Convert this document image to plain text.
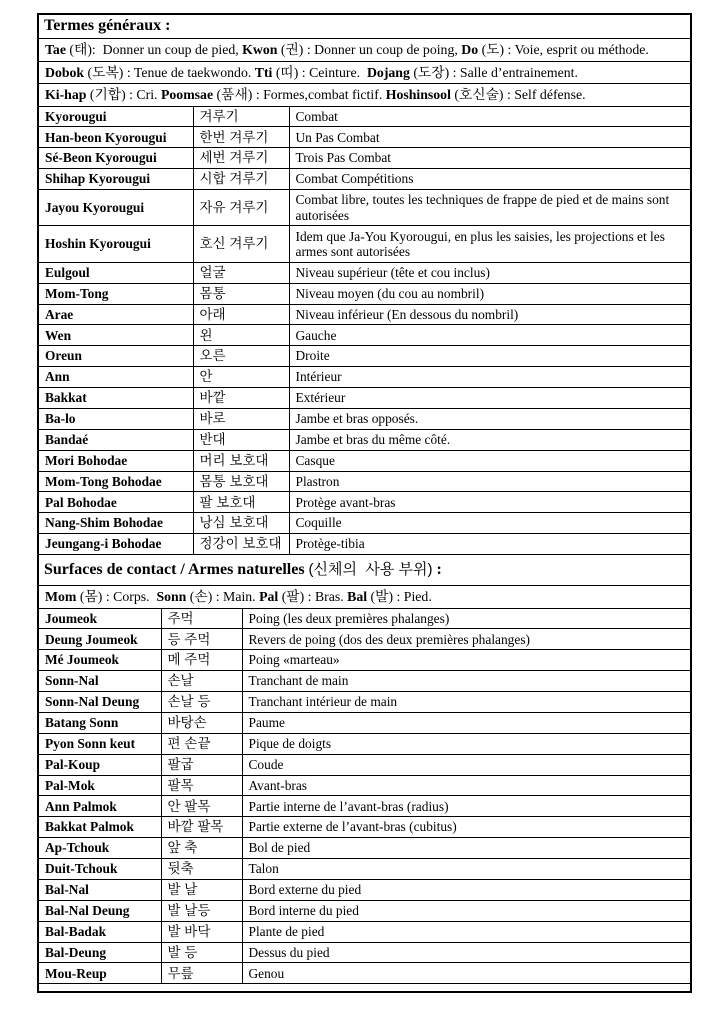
Termes généraux :
Tae (태):  Donner un coup de pied, Kwon (권) : Donner un coup de poing, Do (도) : Voie, esprit ou méthode.
Dobok (도복) : Tenue de taekwondo. Tti (띠) : Ceinture.  Dojang (도장) : Salle d’entrainement.
Ki-hap (기합) : Cri. Poomsae (품새) : Formes,combat fictif. Hoshinsool (호신술) : Self défense.
Kyorougui	겨루기	Combat
Han-beon Kyorougui	한번 겨루기	Un Pas Combat
Sé-Beon Kyorougui	세번 겨루기	Trois Pas Combat
Shihap Kyorougui	시합 겨루기	Combat Compétitions
Jayou Kyorougui	자유 겨루기	Combat libre, toutes les techniques de frappe de pied et de mains sont autorisées
Hoshin Kyorougui	호신 겨루기	Idem que Ja-You Kyorougui, en plus les saisies, les projections et les armes sont autorisées
Eulgoul	얼굴	Niveau supérieur (tête et cou inclus)
Mom-Tong	몸통	Niveau moyen (du cou au nombril)
Arae	아래	Niveau inférieur (En dessous du nombril)
Wen	왼	Gauche
Oreun	오른	Droite
Ann	안	Intérieur
Bakkat	바깥	Extérieur
Ba-lo	바로	Jambe et bras opposés.
Bandaé	반대	Jambe et bras du même côté.
Mori Bohodae	머리 보호대	Casque
Mom-Tong Bohodae	몸통 보호대	Plastron
Pal Bohodae	팔 보호대	Protège avant-bras
Nang-Shim Bohodae	낭심 보호대	Coquille
Jeungang-i Bohodae	정강이 보호대	Protège-tibia
Surfaces de contact / Armes naturelles (신체의  사용 부위) :
Mom (몸) : Corps.  Sonn (손) : Main. Pal (팔) : Bras. Bal (발) : Pied.
Joumeok	주먹	Poing (les deux premières phalanges)
Deung Joumeok	등 주먹	Revers de poing (dos des deux premières phalanges)
Mé Joumeok	메 주먹	Poing «marteau»
Sonn-Nal	손날	Tranchant de main
Sonn-Nal Deung	손날 등	Tranchant intérieur de main
Batang Sonn	바탕손	Paume
Pyon Sonn keut	편 손끝	Pique de doigts
Pal-Koup	팔굽	Coude
Pal-Mok	팔목	Avant-bras
Ann Palmok	안 팔목	Partie interne de l’avant-bras (radius)
Bakkat Palmok	바깥 팔목	Partie externe de l’avant-bras (cubitus)
Ap-Tchouk	앞 축	Bol de pied
Duit-Tchouk	뒷축	Talon
Bal-Nal	발 날	Bord externe du pied
Bal-Nal Deung	발 날등	Bord interne du pied
Bal-Badak	발 바닥	Plante de pied
Bal-Deung	발 등	Dessus du pied
Mou-Reup	무릎	Genou
